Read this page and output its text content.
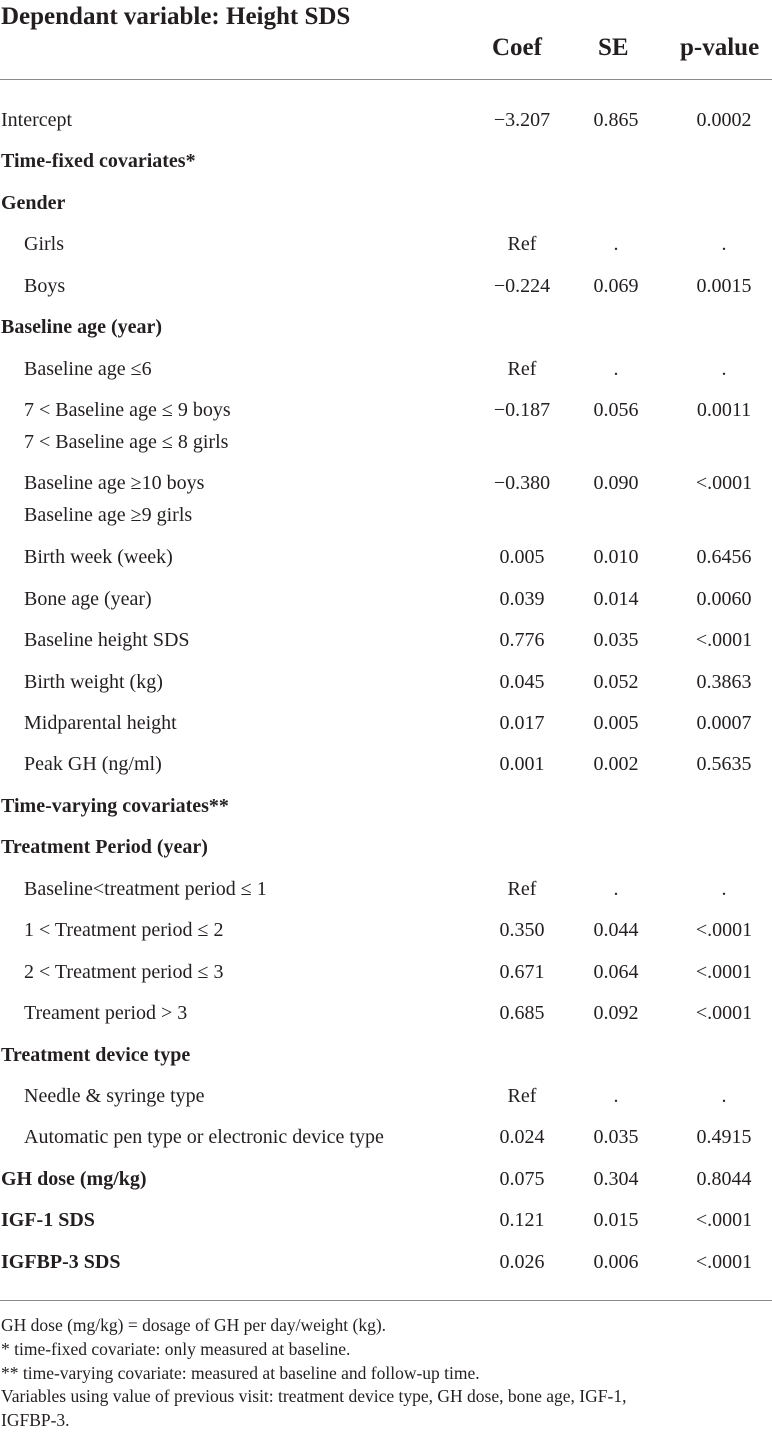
Dependant variable: Height SDS
Coef SE p-value
Intercept	−3.207	0.865	0.0002
Time-fixed covariates*
Gender
Girls	Ref	.	.
Boys	−0.224	0.069	0.0015
Baseline age (year)
Baseline age ≤6	Ref	.	.
7 < Baseline age ≤ 9 boys
7 < Baseline age ≤ 8 girls
−0.187	0.056	0.0011
Baseline age ≥10 boys
Baseline age ≥9 girls
−0.380	0.090	<.0001
Birth week (week)	0.005	0.010	0.6456
Bone age (year)	0.039	0.014	0.0060
Baseline height SDS	0.776	0.035	<.0001
Birth weight (kg)	0.045	0.052	0.3863
Midparental height	0.017	0.005	0.0007
Peak GH (ng/ml)	0.001	0.002	0.5635
Time-varying covariates**
Treatment Period (year)
Baseline<treatment period ≤ 1	Ref	.	.
1 < Treatment period ≤ 2	0.350	0.044	<.0001
2 < Treatment period ≤ 3	0.671	0.064	<.0001
Treament period > 3	0.685	0.092	<.0001
Treatment device type
Needle & syringe type	Ref	.	.
Automatic pen type or electronic device type	0.024	0.035	0.4915
GH dose (mg/kg)	0.075	0.304	0.8044
IGF-1 SDS	0.121	0.015	<.0001
IGFBP-3 SDS	0.026	0.006	<.0001
GH dose (mg/kg) = dosage of GH per day/weight (kg).
* time-fixed covariate: only measured at baseline.
** time-varying covariate: measured at baseline and follow-up time.
Variables using value of previous visit: treatment device type, GH dose, bone age, IGF-1,
IGFBP-3.
